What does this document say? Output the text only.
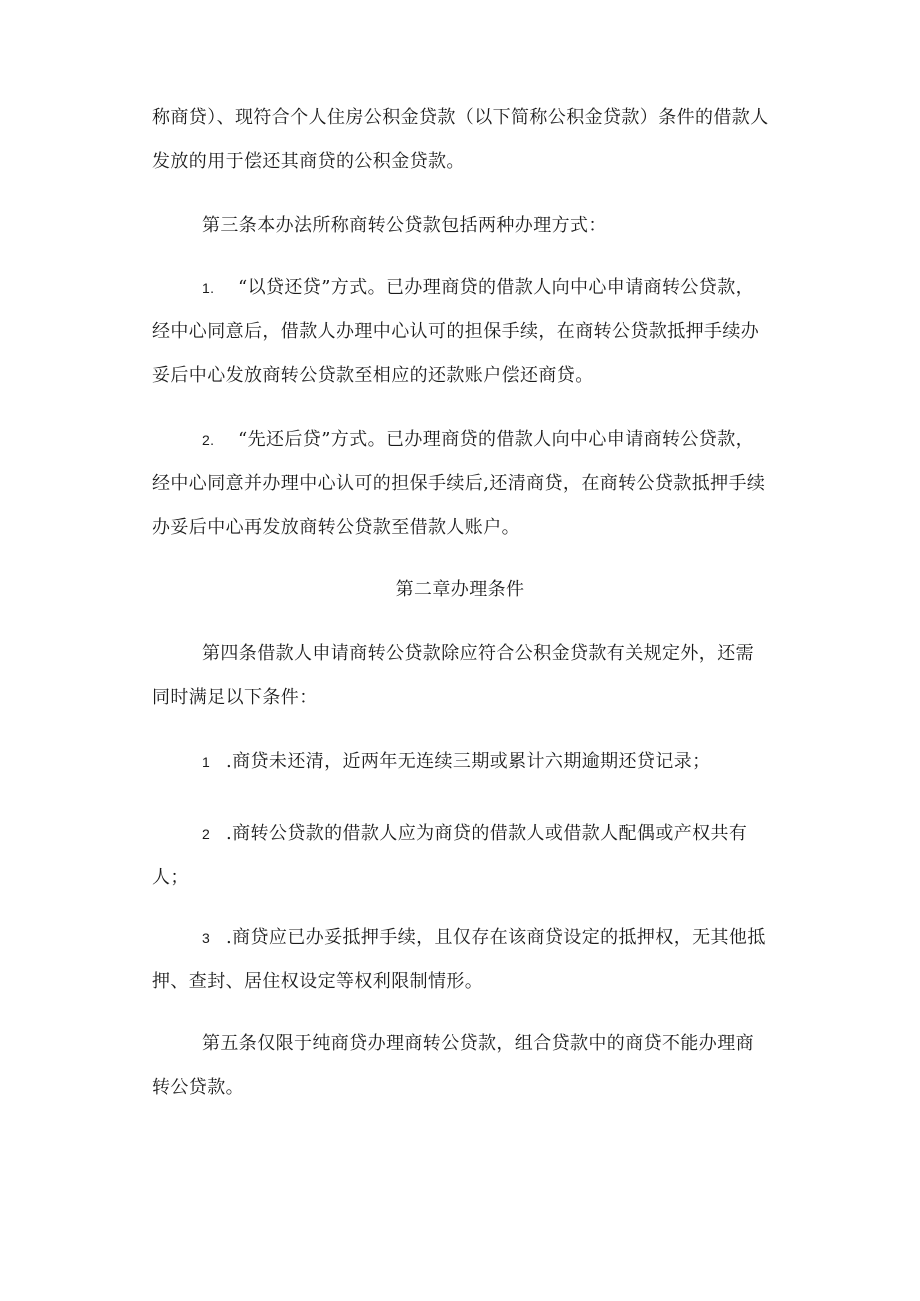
称商贷）、现符合个人住房公积金贷款（以下简称公积金贷款）条件的借款人发放的用于偿还其商贷的公积金贷款。

第三条本办法所称商转公贷款包括两种办理方式：

1. “以贷还贷”方式。已办理商贷的借款人向中心申请商转公贷款，经中心同意后，借款人办理中心认可的担保手续，在商转公贷款抵押手续办妥后中心发放商转公贷款至相应的还款账户偿还商贷。

2. “先还后贷”方式。已办理商贷的借款人向中心申请商转公贷款，经中心同意并办理中心认可的担保手续后,还清商贷，在商转公贷款抵押手续办妥后中心再发放商转公贷款至借款人账户。

第二章办理条件

第四条借款人申请商转公贷款除应符合公积金贷款有关规定外，还需同时满足以下条件：

1 .商贷未还清，近两年无连续三期或累计六期逾期还贷记录；

2 .商转公贷款的借款人应为商贷的借款人或借款人配偶或产权共有人；

3 .商贷应已办妥抵押手续，且仅存在该商贷设定的抵押权，无其他抵押、查封、居住权设定等权利限制情形。

第五条仅限于纯商贷办理商转公贷款，组合贷款中的商贷不能办理商转公贷款。
